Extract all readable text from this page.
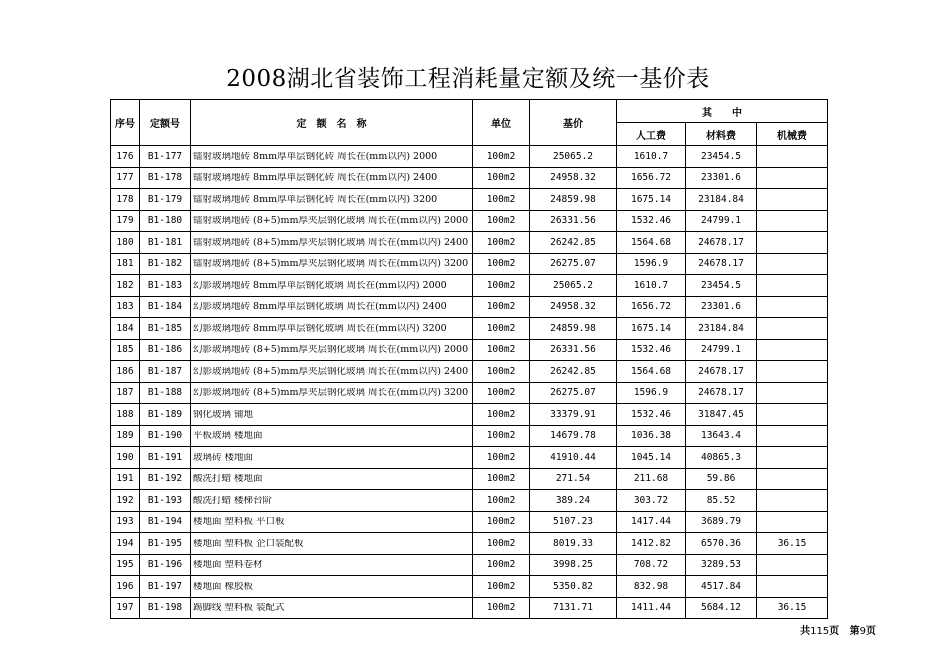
2008湖北省装饰工程消耗量定额及统一基价表
序号	定额号	定　额　名　称	单位	基价	其　　中		
					人工费	材料费	机械费
176	B1-177	镭射玻璃地砖 8mm厚单层钢化砖 周长在(mm以内) 2000	100m2	25065.2	1610.7	23454.5	
177	B1-178	镭射玻璃地砖 8mm厚单层钢化砖 周长在(mm以内) 2400	100m2	24958.32	1656.72	23301.6	
178	B1-179	镭射玻璃地砖 8mm厚单层钢化砖 周长在(mm以内) 3200	100m2	24859.98	1675.14	23184.84	
179	B1-180	镭射玻璃地砖 (8+5)mm厚夹层钢化玻璃 周长在(mm以内) 2000	100m2	26331.56	1532.46	24799.1	
180	B1-181	镭射玻璃地砖 (8+5)mm厚夹层钢化玻璃 周长在(mm以内) 2400	100m2	26242.85	1564.68	24678.17	
181	B1-182	镭射玻璃地砖 (8+5)mm厚夹层钢化玻璃 周长在(mm以内) 3200	100m2	26275.07	1596.9	24678.17	
182	B1-183	幻影玻璃地砖 8mm厚单层钢化玻璃 周长在(mm以内) 2000	100m2	25065.2	1610.7	23454.5	
183	B1-184	幻影玻璃地砖 8mm厚单层钢化玻璃 周长在(mm以内) 2400	100m2	24958.32	1656.72	23301.6	
184	B1-185	幻影玻璃地砖 8mm厚单层钢化玻璃 周长在(mm以内) 3200	100m2	24859.98	1675.14	23184.84	
185	B1-186	幻影玻璃地砖 (8+5)mm厚夹层钢化玻璃 周长在(mm以内) 2000	100m2	26331.56	1532.46	24799.1	
186	B1-187	幻影玻璃地砖 (8+5)mm厚夹层钢化玻璃 周长在(mm以内) 2400	100m2	26242.85	1564.68	24678.17	
187	B1-188	幻影玻璃地砖 (8+5)mm厚夹层钢化玻璃 周长在(mm以内) 3200	100m2	26275.07	1596.9	24678.17	
188	B1-189	钢化玻璃 铺地	100m2	33379.91	1532.46	31847.45	
189	B1-190	平板玻璃 楼地面	100m2	14679.78	1036.38	13643.4	
190	B1-191	玻璃砖 楼地面	100m2	41910.44	1045.14	40865.3	
191	B1-192	酸洗打蜡 楼地面	100m2	271.54	211.68	59.86	
192	B1-193	酸洗打蜡 楼梯台阶	100m2	389.24	303.72	85.52	
193	B1-194	楼地面 塑料板 平口板	100m2	5107.23	1417.44	3689.79	
194	B1-195	楼地面 塑料板 企口装配板	100m2	8019.33	1412.82	6570.36	36.15
195	B1-196	楼地面 塑料卷材	100m2	3998.25	708.72	3289.53	
196	B1-197	楼地面 橡胶板	100m2	5350.82	832.98	4517.84	
197	B1-198	踢脚线 塑料板 装配式	100m2	7131.71	1411.44	5684.12	36.15
共115页 第9页
